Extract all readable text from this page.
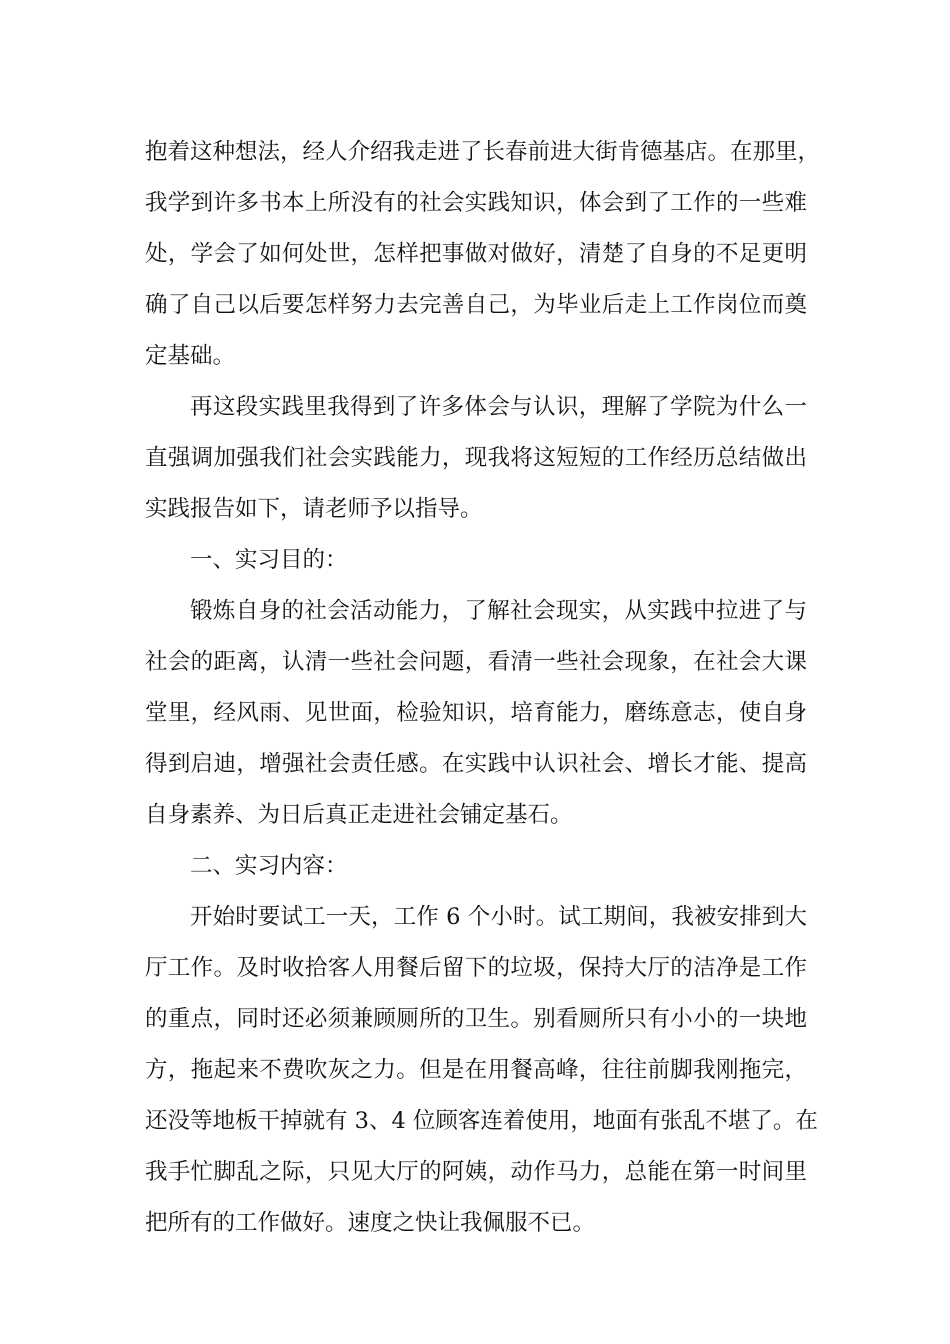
抱着这种想法，经人介绍我走进了长春前进大街肯德基店。在那里，
我学到许多书本上所没有的社会实践知识，体会到了工作的一些难
处，学会了如何处世，怎样把事做对做好，清楚了自身的不足更明
确了自己以后要怎样努力去完善自己，为毕业后走上工作岗位而奠
定基础。
再这段实践里我得到了许多体会与认识，理解了学院为什么一
直强调加强我们社会实践能力，现我将这短短的工作经历总结做出
实践报告如下，请老师予以指导。
一、实习目的：
锻炼自身的社会活动能力，了解社会现实，从实践中拉进了与
社会的距离，认清一些社会问题，看清一些社会现象，在社会大课
堂里，经风雨、见世面，检验知识，培育能力，磨练意志，使自身
得到启迪，增强社会责任感。在实践中认识社会、增长才能、提高
自身素养、为日后真正走进社会铺定基石。
二、实习内容：
开始时要试工一天，工作 6 个小时。试工期间，我被安排到大
厅工作。及时收拾客人用餐后留下的垃圾，保持大厅的洁净是工作
的重点，同时还必须兼顾厕所的卫生。别看厕所只有小小的一块地
方，拖起来不费吹灰之力。但是在用餐高峰，往往前脚我刚拖完，
还没等地板干掉就有 3、4 位顾客连着使用，地面有张乱不堪了。在
我手忙脚乱之际，只见大厅的阿姨，动作马力，总能在第一时间里
把所有的工作做好。速度之快让我佩服不已。
